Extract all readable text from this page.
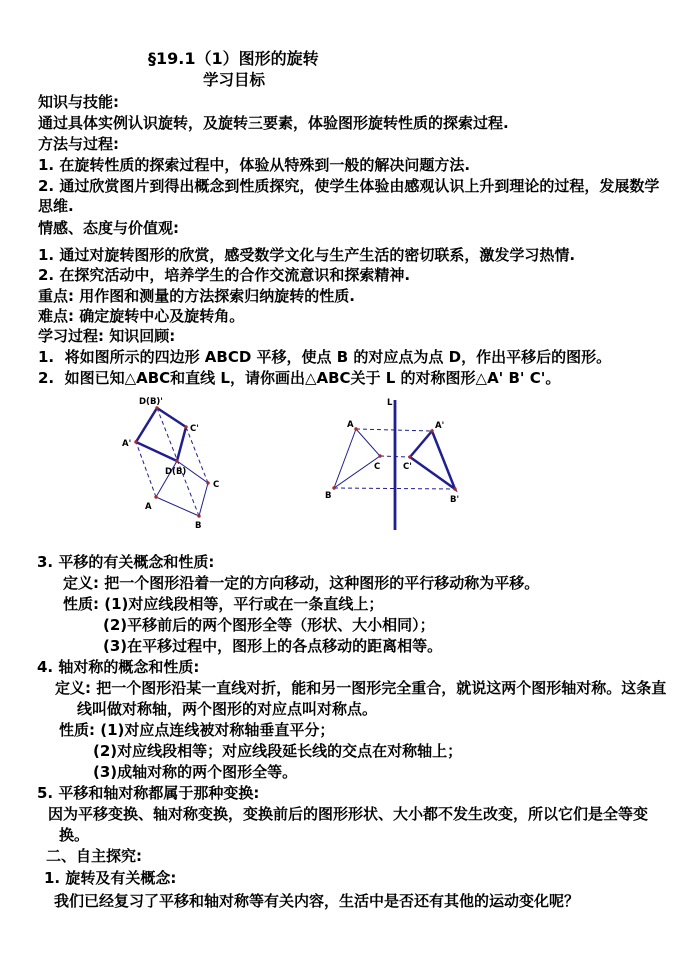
§19.1（1）图形的旋转
学习目标
知识与技能:
通过具体实例认识旋转，及旋转三要素，体验图形旋转性质的探索过程.
方法与过程:
1. 在旋转性质的探索过程中，体验从特殊到一般的解决问题方法.
2. 通过欣赏图片到得出概念到性质探究，使学生体验由感观认识上升到理论的过程，发展数学
思维.
情感、态度与价值观:
1. 通过对旋转图形的欣赏，感受数学文化与生产生活的密切联系，激发学习热情.
2. 在探究活动中，培养学生的合作交流意识和探索精神.
重点: 用作图和测量的方法探索归纳旋转的性质.
难点: 确定旋转中心及旋转角。
学习过程: 知识回顾:
1.  将如图所示的四边形 ABCD 平移，使点 B 的对应点为点 D，作出平移后的图形。
2.  如图已知△ABC和直线 L，请你画出△ABC关于 L 的对称图形△A' B' C'。
D(B)'
C'
A'
D(B)
C
A
B
L
A	A'
C	C'
B	B'
3. 平移的有关概念和性质:
定义: 把一个图形沿着一定的方向移动，这种图形的平行移动称为平移。
性质: (1)对应线段相等，平行或在一条直线上；
(2)平移前后的两个图形全等（形状、大小相同）；
(3)在平移过程中，图形上的各点移动的距离相等。
4. 轴对称的概念和性质:
定义: 把一个图形沿某一直线对折，能和另一图形完全重合，就说这两个图形轴对称。这条直
线叫做对称轴，两个图形的对应点叫对称点。
性质: (1)对应点连线被对称轴垂直平分；
(2)对应线段相等；对应线段延长线的交点在对称轴上；
(3)成轴对称的两个图形全等。
5. 平移和轴对称都属于那种变换:
因为平移变换、轴对称变换，变换前后的图形形状、大小都不发生改变，所以它们是全等变
换。
二、自主探究:
1. 旋转及有关概念:
我们已经复习了平移和轴对称等有关内容，生活中是否还有其他的运动变化呢？
